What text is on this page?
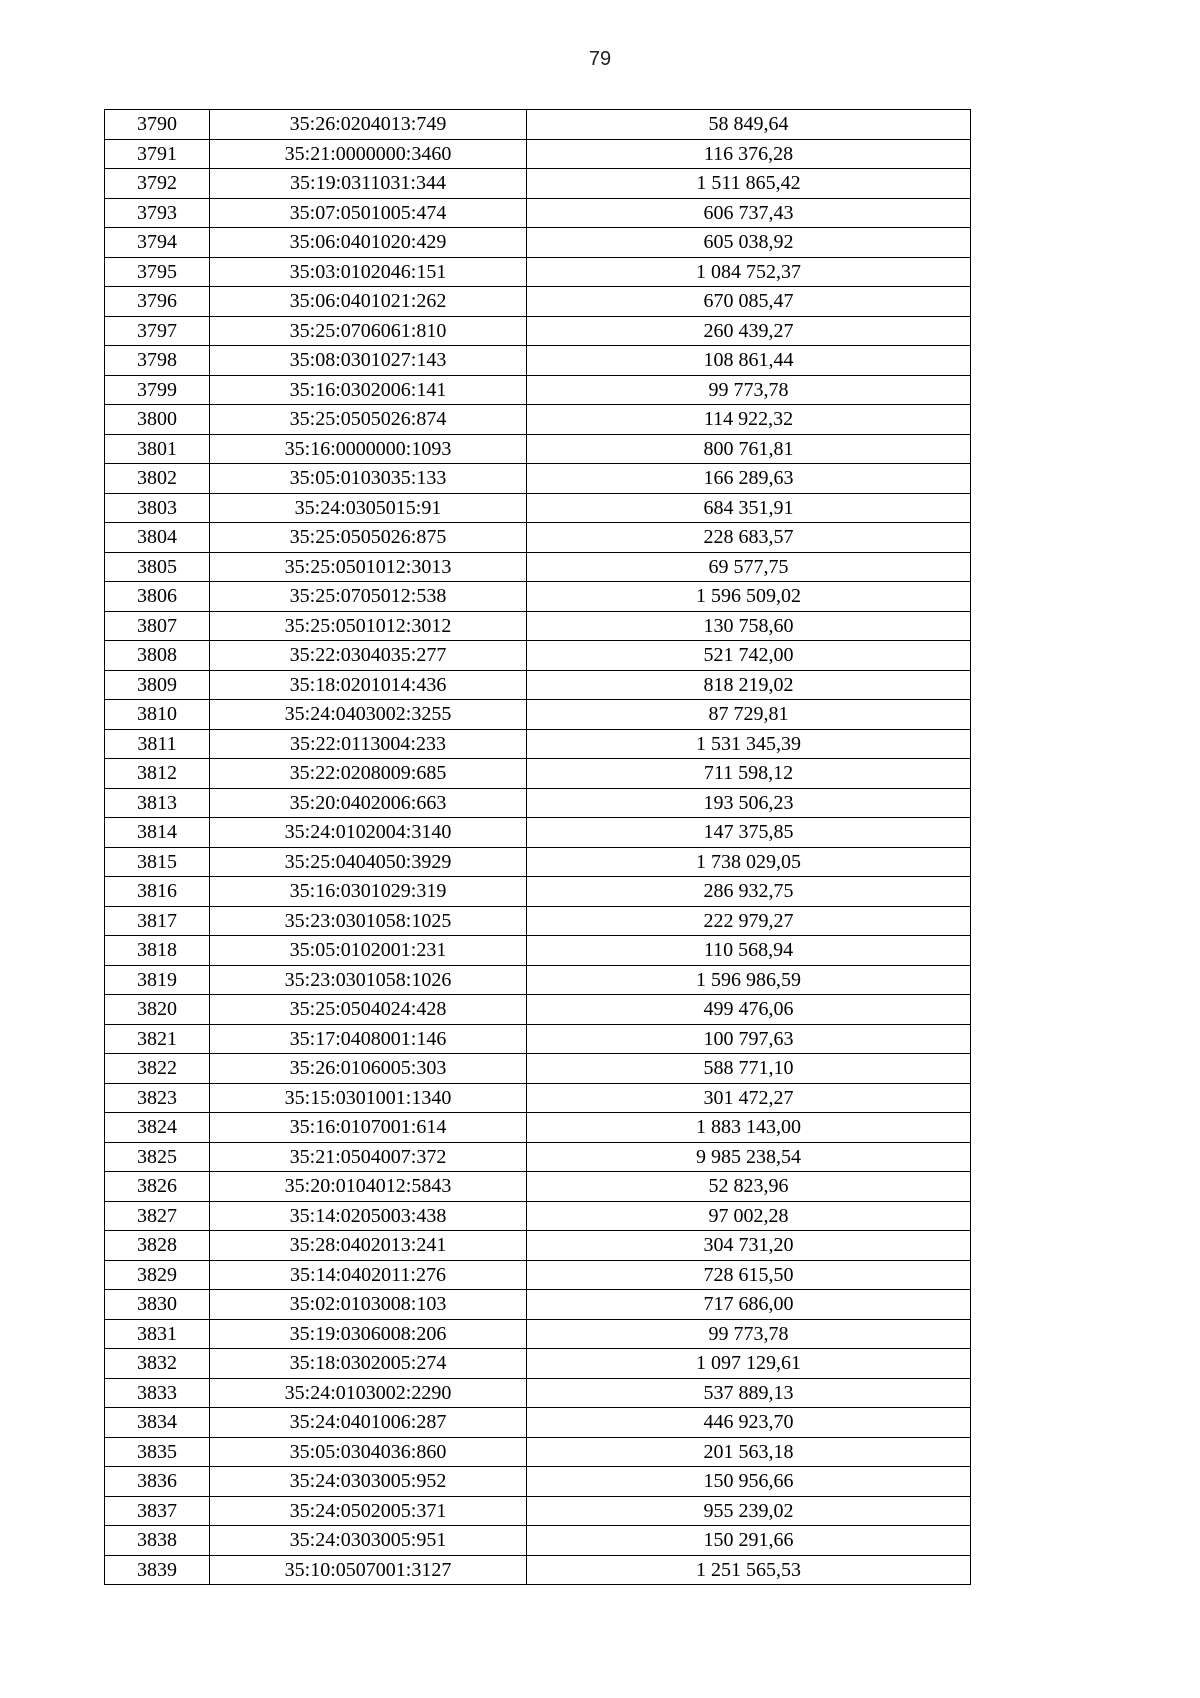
79
3790	35:26:0204013:749	58 849,64
3791	35:21:0000000:3460	116 376,28
3792	35:19:0311031:344	1 511 865,42
3793	35:07:0501005:474	606 737,43
3794	35:06:0401020:429	605 038,92
3795	35:03:0102046:151	1 084 752,37
3796	35:06:0401021:262	670 085,47
3797	35:25:0706061:810	260 439,27
3798	35:08:0301027:143	108 861,44
3799	35:16:0302006:141	99 773,78
3800	35:25:0505026:874	114 922,32
3801	35:16:0000000:1093	800 761,81
3802	35:05:0103035:133	166 289,63
3803	35:24:0305015:91	684 351,91
3804	35:25:0505026:875	228 683,57
3805	35:25:0501012:3013	69 577,75
3806	35:25:0705012:538	1 596 509,02
3807	35:25:0501012:3012	130 758,60
3808	35:22:0304035:277	521 742,00
3809	35:18:0201014:436	818 219,02
3810	35:24:0403002:3255	87 729,81
3811	35:22:0113004:233	1 531 345,39
3812	35:22:0208009:685	711 598,12
3813	35:20:0402006:663	193 506,23
3814	35:24:0102004:3140	147 375,85
3815	35:25:0404050:3929	1 738 029,05
3816	35:16:0301029:319	286 932,75
3817	35:23:0301058:1025	222 979,27
3818	35:05:0102001:231	110 568,94
3819	35:23:0301058:1026	1 596 986,59
3820	35:25:0504024:428	499 476,06
3821	35:17:0408001:146	100 797,63
3822	35:26:0106005:303	588 771,10
3823	35:15:0301001:1340	301 472,27
3824	35:16:0107001:614	1 883 143,00
3825	35:21:0504007:372	9 985 238,54
3826	35:20:0104012:5843	52 823,96
3827	35:14:0205003:438	97 002,28
3828	35:28:0402013:241	304 731,20
3829	35:14:0402011:276	728 615,50
3830	35:02:0103008:103	717 686,00
3831	35:19:0306008:206	99 773,78
3832	35:18:0302005:274	1 097 129,61
3833	35:24:0103002:2290	537 889,13
3834	35:24:0401006:287	446 923,70
3835	35:05:0304036:860	201 563,18
3836	35:24:0303005:952	150 956,66
3837	35:24:0502005:371	955 239,02
3838	35:24:0303005:951	150 291,66
3839	35:10:0507001:3127	1 251 565,53
